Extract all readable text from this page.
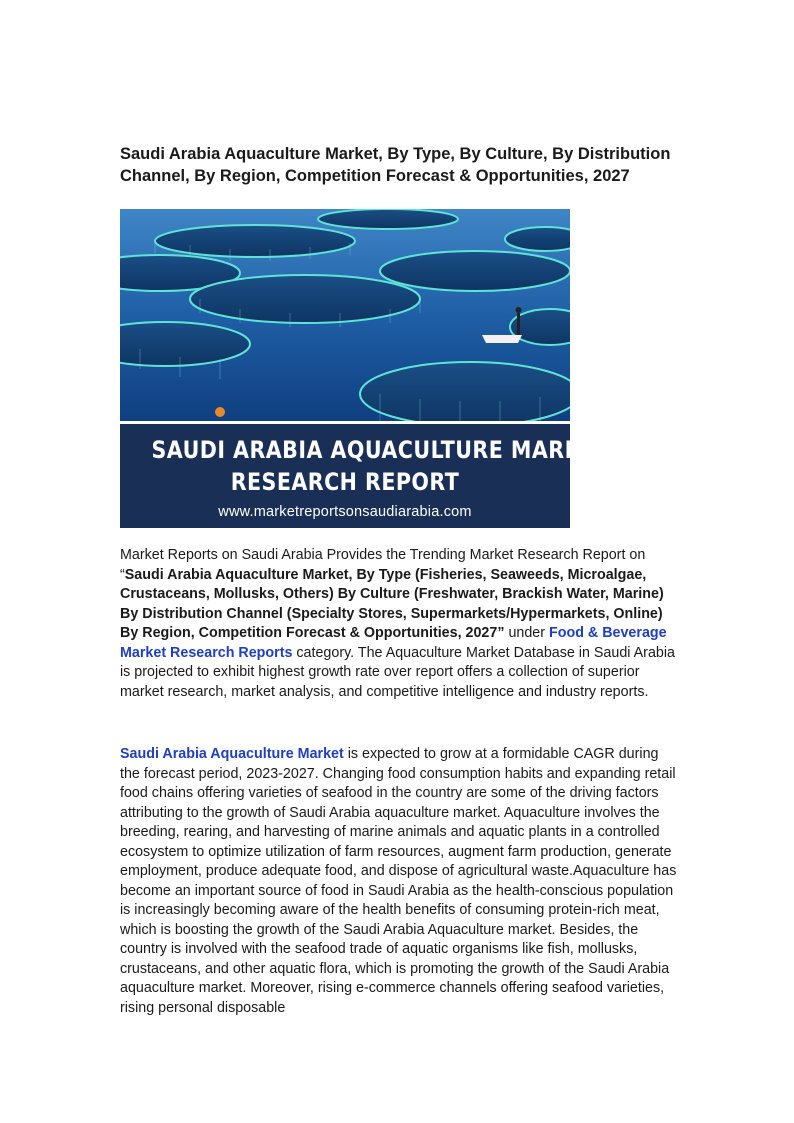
Saudi Arabia Aquaculture Market, By Type, By Culture, By Distribution Channel, By Region, Competition Forecast & Opportunities, 2027
SAUDI ARABIA AQUACULTURE MARKET
RESEARCH REPORT
www.marketreportsonsaudiarabia.com

Market Reports on Saudi Arabia Provides the Trending Market Research Report on “Saudi Arabia Aquaculture Market, By Type (Fisheries, Seaweeds, Microalgae, Crustaceans, Mollusks, Others) By Culture (Freshwater, Brackish Water, Marine) By Distribution Channel (Specialty Stores, Supermarkets/Hypermarkets, Online) By Region, Competition Forecast & Opportunities, 2027” under Food & Beverage Market Research Reports category. The Aquaculture Market Database in Saudi Arabia is projected to exhibit highest growth rate over report offers a collection of superior market research, market analysis, and competitive intelligence and industry reports.

Saudi Arabia Aquaculture Market is expected to grow at a formidable CAGR during the forecast period, 2023-2027. Changing food consumption habits and expanding retail food chains offering varieties of seafood in the country are some of the driving factors attributing to the growth of Saudi Arabia aquaculture market. Aquaculture involves the breeding, rearing, and harvesting of marine animals and aquatic plants in a controlled ecosystem to optimize utilization of farm resources, augment farm production, generate employment, produce adequate food, and dispose of agricultural waste.Aquaculture has become an important source of food in Saudi Arabia as the health-conscious population is increasingly becoming aware of the health benefits of consuming protein-rich meat, which is boosting the growth of the Saudi Arabia Aquaculture market. Besides, the country is involved with the seafood trade of aquatic organisms like fish, mollusks, crustaceans, and other aquatic flora, which is promoting the growth of the Saudi Arabia aquaculture market. Moreover, rising e-commerce channels offering seafood varieties, rising personal disposable
